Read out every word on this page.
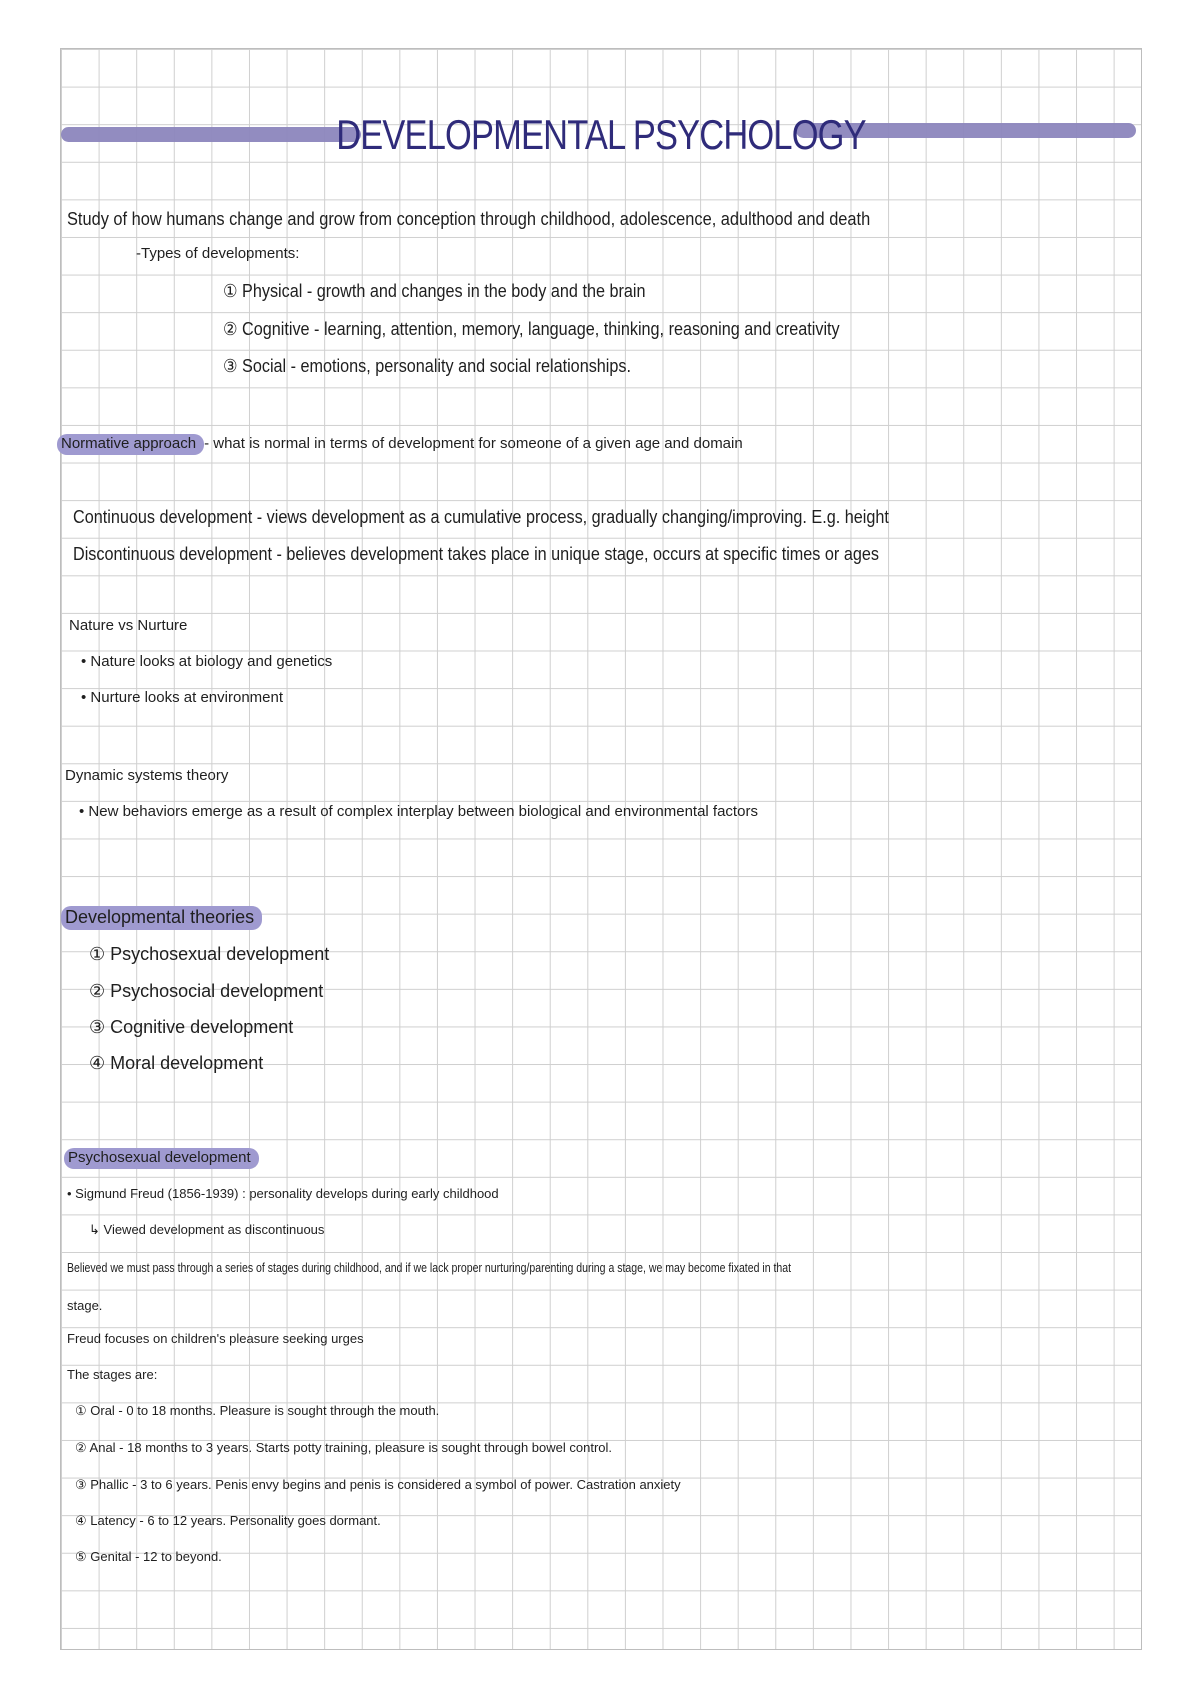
DEVELOPMENTAL PSYCHOLOGY
Study of how humans change and grow from conception through childhood, adolescence, adulthood and death
-Types of developments:
① Physical - growth and changes in the body and the brain
② Cognitive - learning, attention, memory, language, thinking, reasoning and creativity
③ Social - emotions, personality and social relationships.
Normative approach - what is normal in terms of development for someone of a given age and domain
Continuous development - views development as a cumulative process, gradually changing/improving. E.g. height
Discontinuous development - believes development takes place in unique stage, occurs at specific times or ages
Nature vs Nurture
• Nature looks at biology and genetics
• Nurture looks at environment
Dynamic systems theory
• New behaviors emerge as a result of complex interplay between biological and environmental factors
Developmental theories
① Psychosexual development
② Psychosocial development
③ Cognitive development
④ Moral development
Psychosexual development
• Sigmund Freud (1856-1939) : personality develops during early childhood
↳ Viewed development as discontinuous
Believed we must pass through a series of stages during childhood, and if we lack proper nurturing/parenting during a stage, we may become fixated in that
stage.
Freud focuses on children's pleasure seeking urges
The stages are:
① Oral - 0 to 18 months. Pleasure is sought through the mouth.
② Anal - 18 months to 3 years. Starts potty training, pleasure is sought through bowel control.
③ Phallic - 3 to 6 years. Penis envy begins and penis is considered a symbol of power. Castration anxiety
④ Latency - 6 to 12 years. Personality goes dormant.
⑤ Genital - 12 to beyond.
